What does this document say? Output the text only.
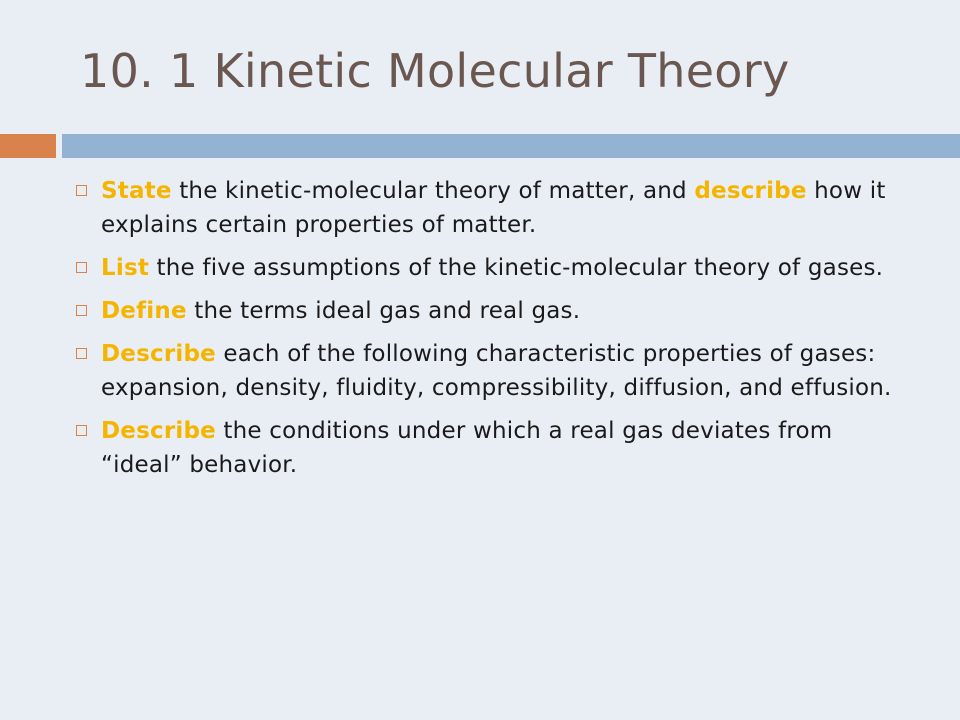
10. 1 Kinetic Molecular Theory
State the kinetic-molecular theory of matter, and describe how it explains certain properties of matter.
List the five assumptions of the kinetic-molecular theory of gases.
Define the terms ideal gas and real gas.
Describe each of the following characteristic properties of gases: expansion, density, fluidity, compressibility, diffusion, and effusion.
Describe the conditions under which a real gas deviates from “ideal” behavior.
